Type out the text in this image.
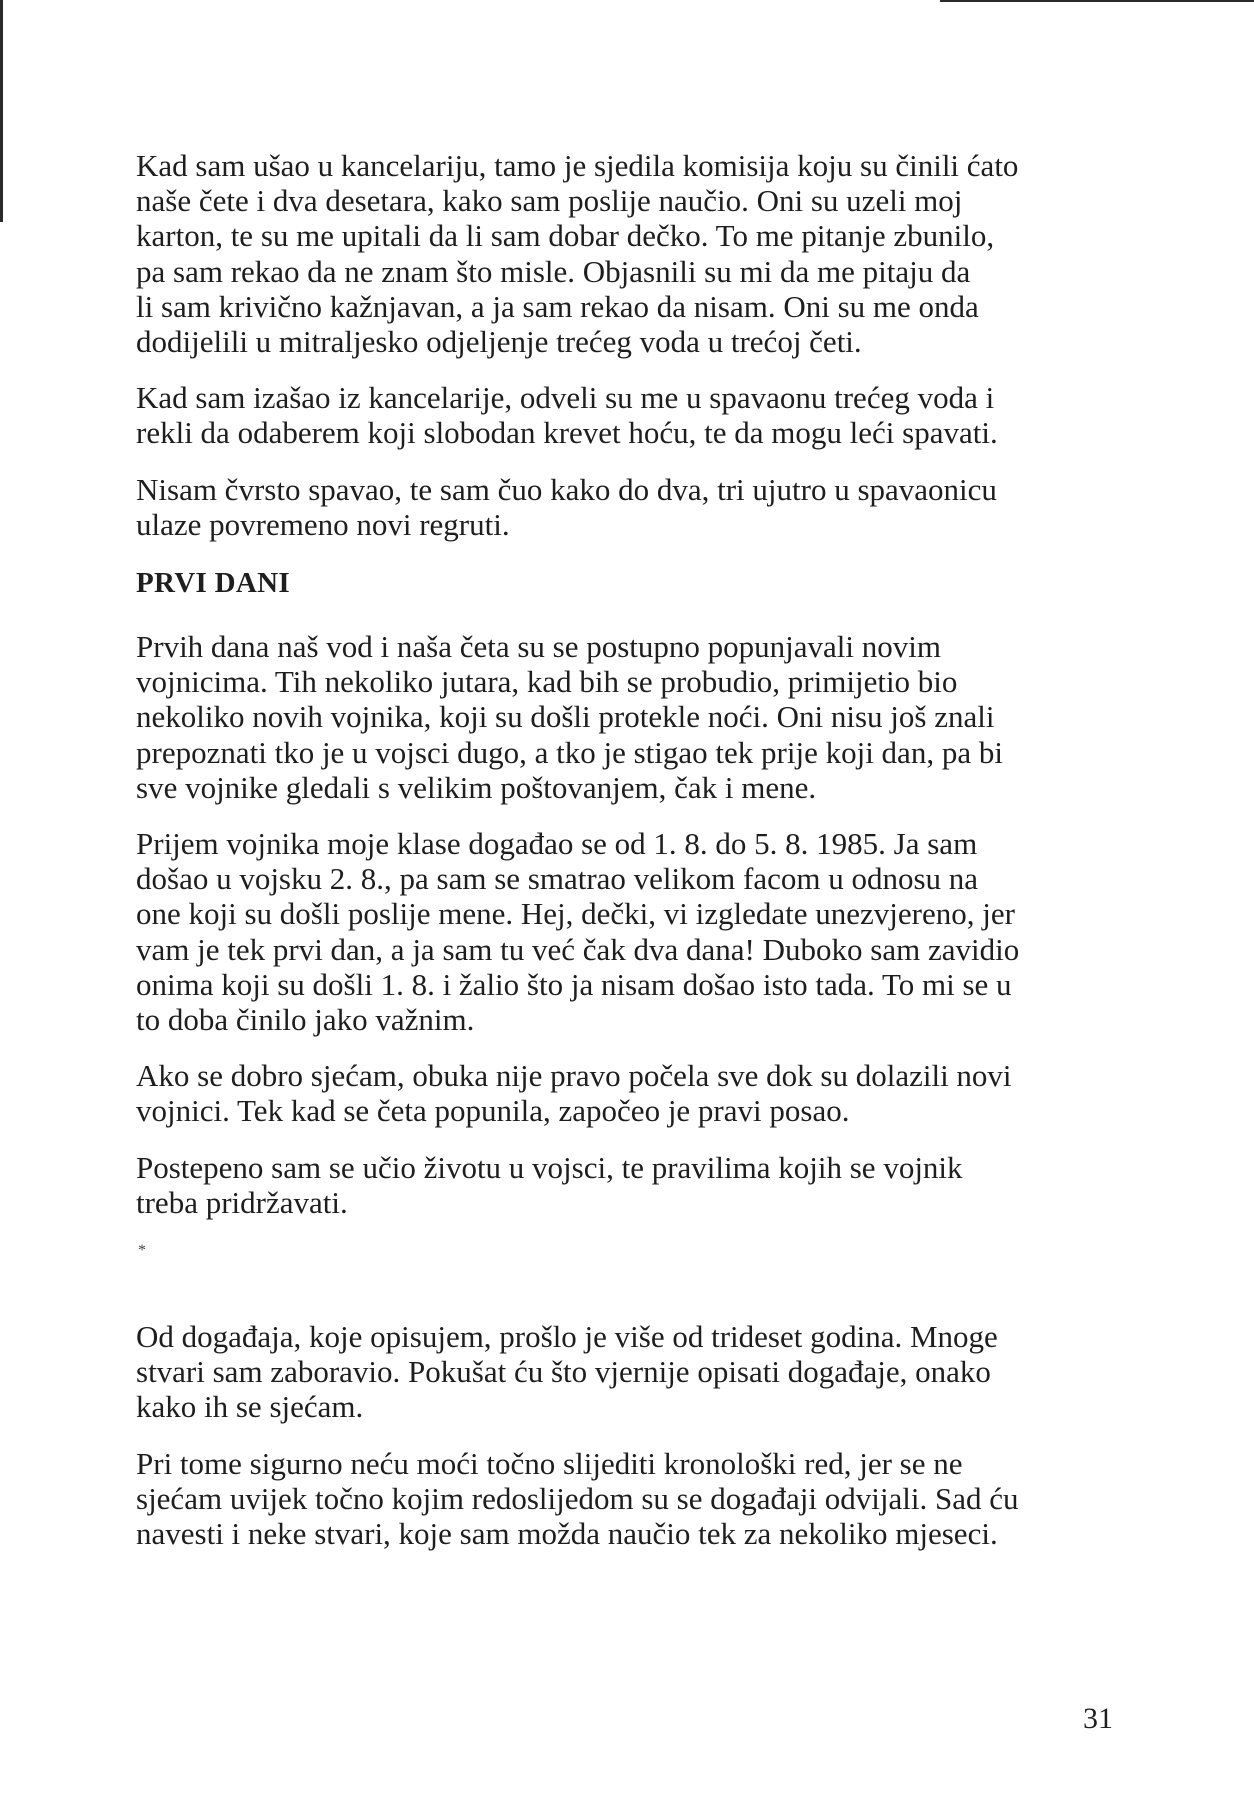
Kad sam ušao u kancelariju, tamo je sjedila komisija koju su činili ćato
naše čete i dva desetara, kako sam poslije naučio. Oni su uzeli moj
karton, te su me upitali da li sam dobar dečko. To me pitanje zbunilo,
pa sam rekao da ne znam što misle. Objasnili su mi da me pitaju da
li sam krivično kažnjavan, a ja sam rekao da nisam. Oni su me onda
dodijelili u mitraljesko odjeljenje trećeg voda u trećoj četi.

Kad sam izašao iz kancelarije, odveli su me u spavaonu trećeg voda i
rekli da odaberem koji slobodan krevet hoću, te da mogu leći spavati.

Nisam čvrsto spavao, te sam čuo kako do dva, tri ujutro u spavaonicu
ulaze povremeno novi regruti.

PRVI DANI

Prvih dana naš vod i naša četa su se postupno popunjavali novim
vojnicima. Tih nekoliko jutara, kad bih se probudio, primijetio bio
nekoliko novih vojnika, koji su došli protekle noći. Oni nisu još znali
prepoznati tko je u vojsci dugo, a tko je stigao tek prije koji dan, pa bi
sve vojnike gledali s velikim poštovanjem, čak i mene.

Prijem vojnika moje klase događao se od 1. 8. do 5. 8. 1985. Ja sam
došao u vojsku 2. 8., pa sam se smatrao velikom facom u odnosu na
one koji su došli poslije mene. Hej, dečki, vi izgledate unezvjereno, jer
vam je tek prvi dan, a ja sam tu već čak dva dana! Duboko sam zavidio
onima koji su došli 1. 8. i žalio što ja nisam došao isto tada. To mi se u
to doba činilo jako važnim.

Ako se dobro sjećam, obuka nije pravo počela sve dok su dolazili novi
vojnici. Tek kad se četa popunila, započeo je pravi posao.

Postepeno sam se učio životu u vojsci, te pravilima kojih se vojnik
treba pridržavati.

*

Od događaja, koje opisujem, prošlo je više od trideset godina. Mnoge
stvari sam zaboravio. Pokušat ću što vjernije opisati događaje, onako
kako ih se sjećam.

Pri tome sigurno neću moći točno slijediti kronološki red, jer se ne
sjećam uvijek točno kojim redoslijedom su se događaji odvijali. Sad ću
navesti i neke stvari, koje sam možda naučio tek za nekoliko mjeseci.

31
